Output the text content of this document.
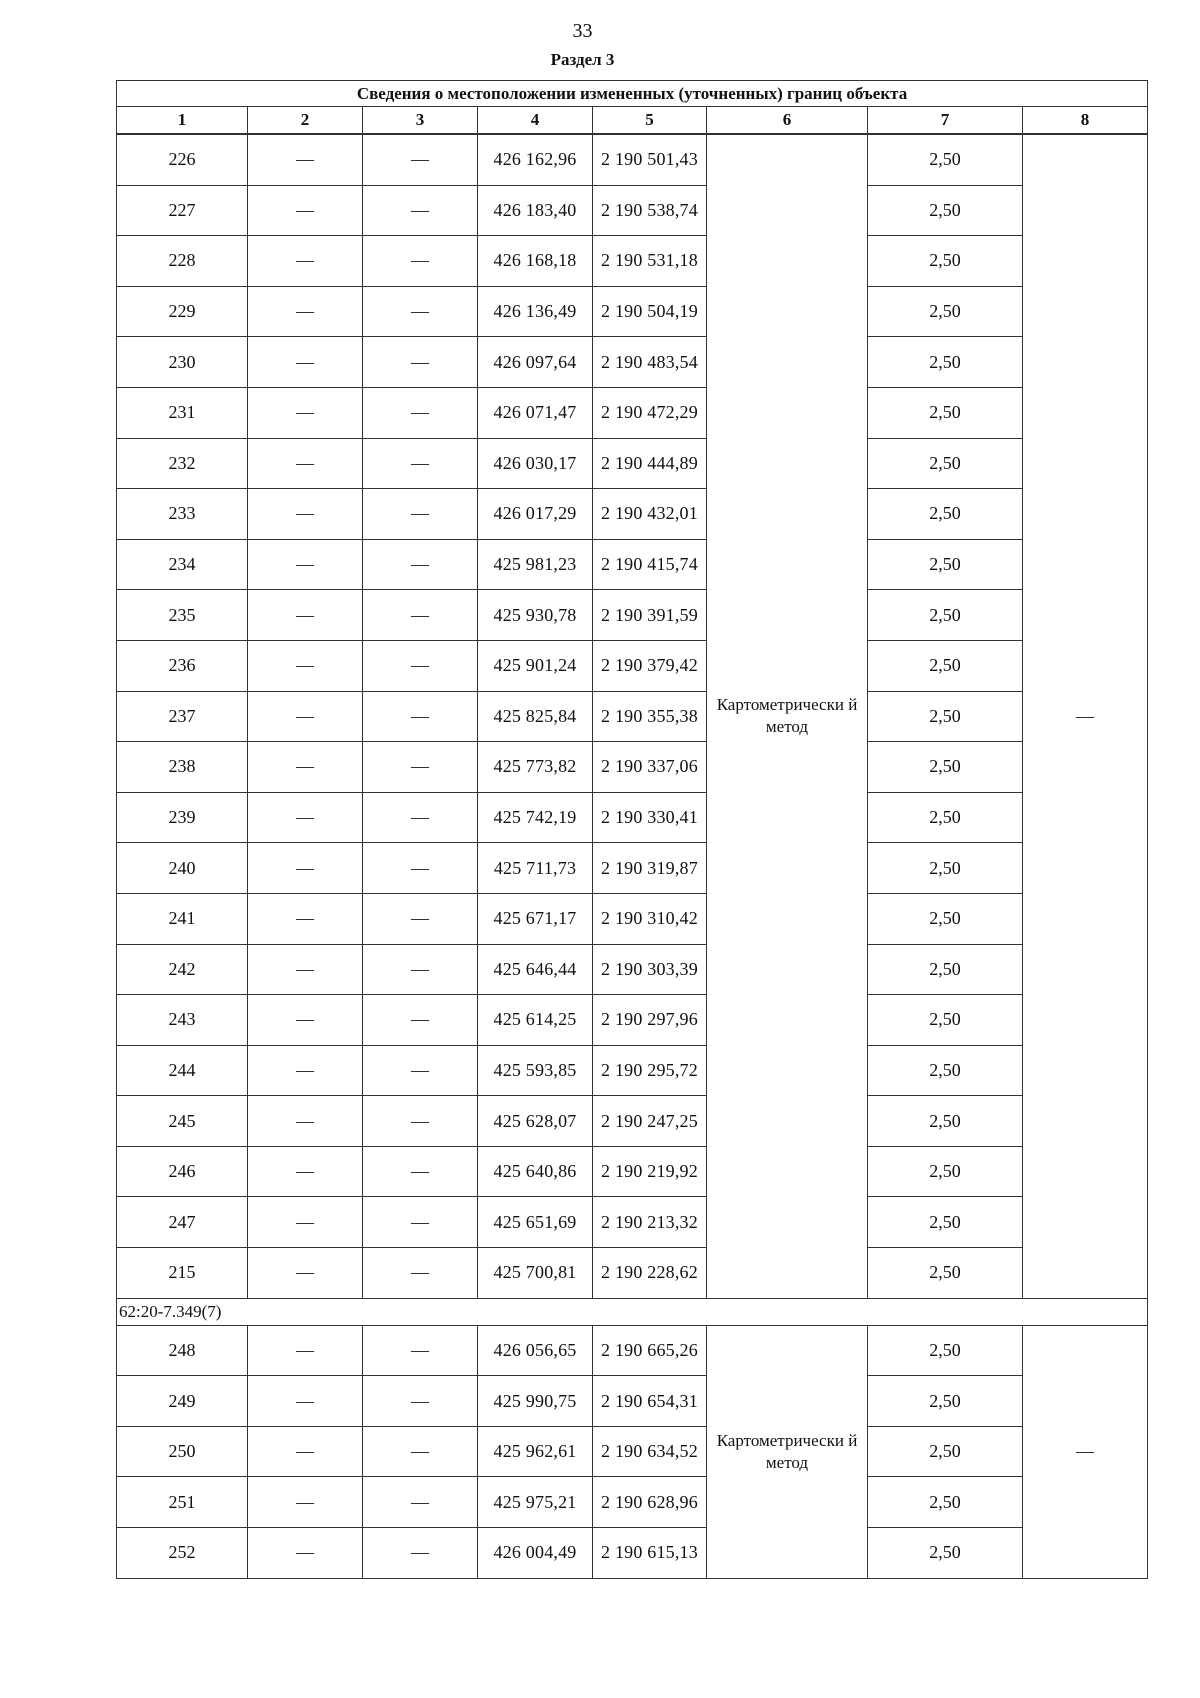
33
Раздел 3
Сведения о местоположении измененных (уточненных) границ объекта							
1	2	3	4	5	6	7	8
226	—	—	426 162,96	2 190 501,43	Картометрически й метод	2,50	—
227	—	—	426 183,40	2 190 538,74		2,50	
228	—	—	426 168,18	2 190 531,18		2,50	
229	—	—	426 136,49	2 190 504,19		2,50	
230	—	—	426 097,64	2 190 483,54		2,50	
231	—	—	426 071,47	2 190 472,29		2,50	
232	—	—	426 030,17	2 190 444,89		2,50	
233	—	—	426 017,29	2 190 432,01		2,50	
234	—	—	425 981,23	2 190 415,74		2,50	
235	—	—	425 930,78	2 190 391,59		2,50	
236	—	—	425 901,24	2 190 379,42		2,50	
237	—	—	425 825,84	2 190 355,38		2,50	
238	—	—	425 773,82	2 190 337,06		2,50	
239	—	—	425 742,19	2 190 330,41		2,50	
240	—	—	425 711,73	2 190 319,87		2,50	
241	—	—	425 671,17	2 190 310,42		2,50	
242	—	—	425 646,44	2 190 303,39		2,50	
243	—	—	425 614,25	2 190 297,96		2,50	
244	—	—	425 593,85	2 190 295,72		2,50	
245	—	—	425 628,07	2 190 247,25		2,50	
246	—	—	425 640,86	2 190 219,92		2,50	
247	—	—	425 651,69	2 190 213,32		2,50	
215	—	—	425 700,81	2 190 228,62		2,50	
62:20-7.349(7)							
248	—	—	426 056,65	2 190 665,26	Картометрически й метод	2,50	—
249	—	—	425 990,75	2 190 654,31		2,50	
250	—	—	425 962,61	2 190 634,52		2,50	
251	—	—	425 975,21	2 190 628,96		2,50	
252	—	—	426 004,49	2 190 615,13		2,50	
